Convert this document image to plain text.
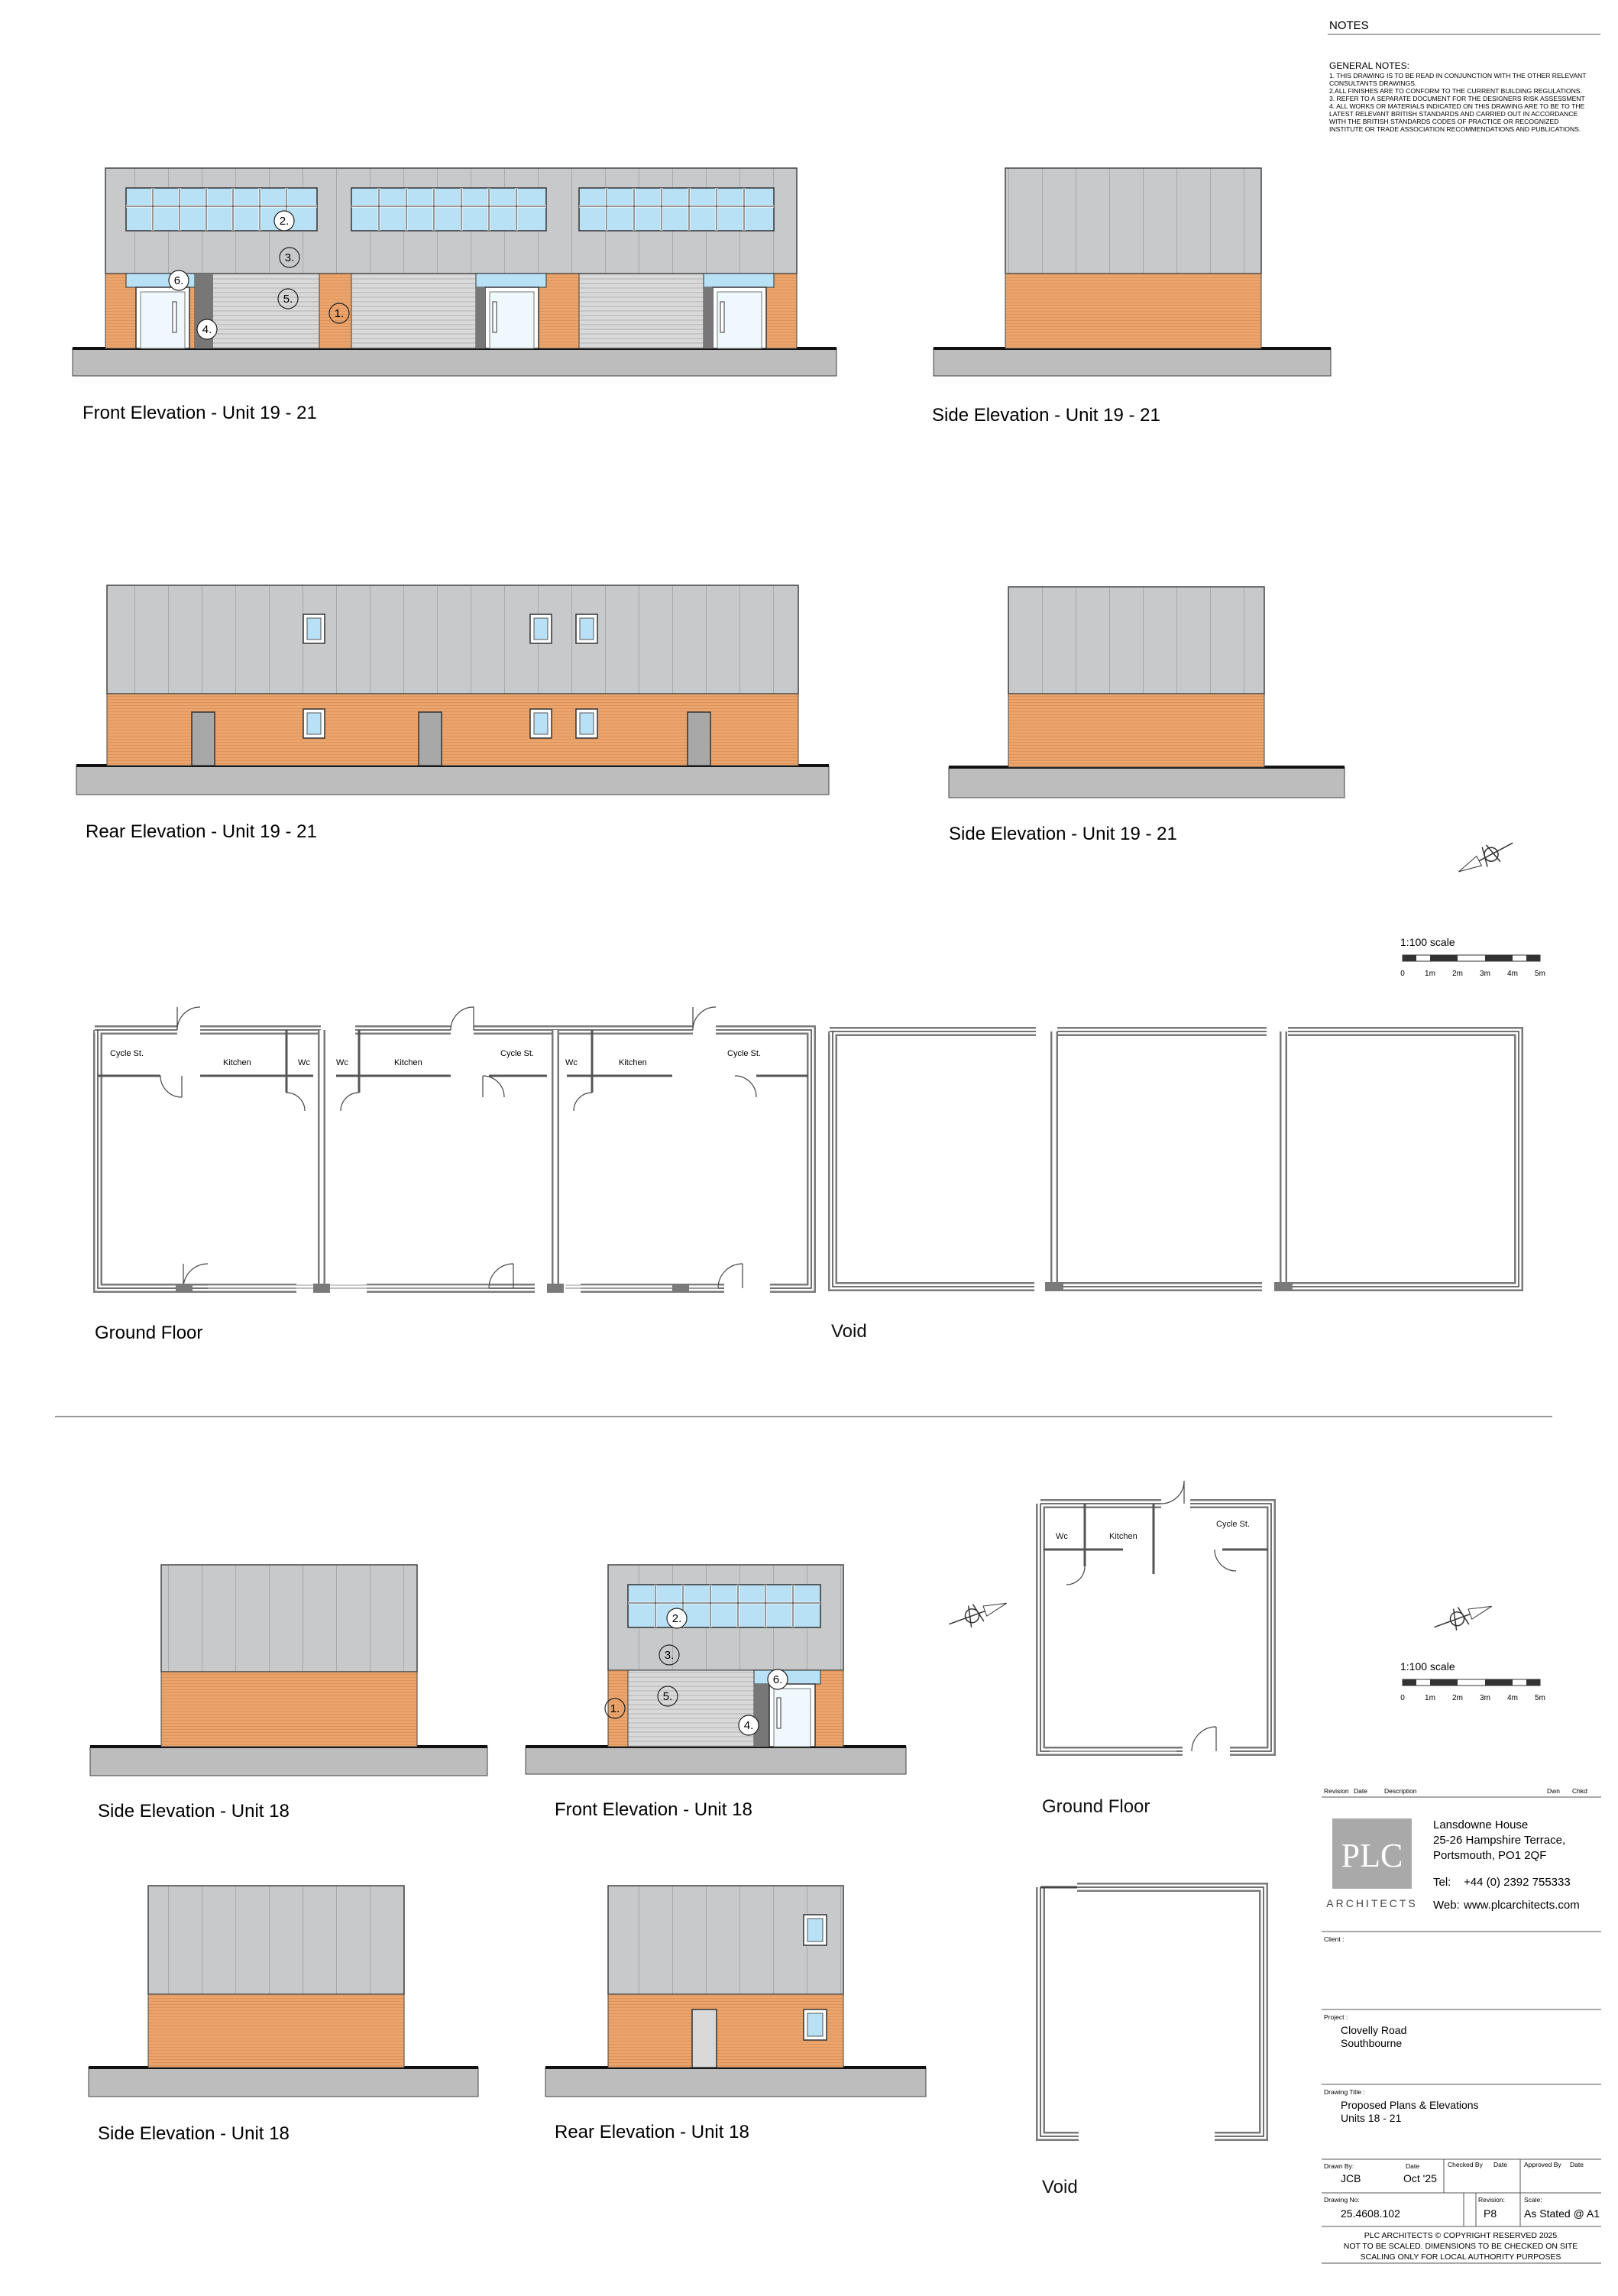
NOTES
GENERAL NOTES:
1. THIS DRAWING IS TO BE READ IN CONJUNCTION WITH THE OTHER RELEVANT
CONSULTANTS DRAWINGS.
2.ALL FINISHES ARE TO CONFORM TO THE CURRENT BUILDING REGULATIONS.
3. REFER TO A SEPARATE DOCUMENT FOR THE DESIGNERS RISK ASSESSMENT
4. ALL WORKS OR MATERIALS INDICATED ON THIS DRAWING ARE TO BE TO THE
LATEST RELEVANT BRITISH STANDARDS AND CARRIED OUT IN ACCORDANCE
WITH THE BRITISH STANDARDS CODES OF PRACTICE OR RECOGNIZED
INSTITUTE OR TRADE ASSOCIATION RECOMMENDATIONS AND PUBLICATIONS.
2.
3.
6.
5.
1.
4.
Front Elevation - Unit 19 - 21	Side Elevation - Unit 19 - 21
Rear Elevation - Unit 19 - 21	Side Elevation - Unit 19 - 21
1:100 scale
0	1m 2m 3m 4m 5m
Cycle St.
Kitchen	Wc	Wc	Kitchen
Cycle St.
Wc	Kitchen
Cycle St.
Ground Floor	Void
Side Elevation - Unit 18
2.
3.
6.
5.
1.
4.
Front Elevation - Unit 18
Wc	Kitchen
Cycle St.
Ground Floor
1:100 scale
0	1m 2m 3m 4m 5m
Side Elevation - Unit 18	Rear Elevation - Unit 18
Void
Revision Date	Description	Dwn Chkd
PLC
ARCHITECTS
Lansdowne House
25-26 Hampshire Terrace,
Portsmouth, PO1 2QF
Tel: +44 (0) 2392 755333
Web: www.plcarchitects.com
Client :
Project :
Clovelly Road
Southbourne
Drawing Title :
Proposed Plans & Elevations
Units 18 - 21
Drawn By:
JCB
Date
Oct '25
Checked By Date	Approved By Date
Drawing No:
25.4608.102
Revision:
P8
Scale:
As Stated @ A1
PLC ARCHITECTS © COPYRIGHT RESERVED 2025
NOT TO BE SCALED. DIMENSIONS TO BE CHECKED ON SITE
SCALING ONLY FOR LOCAL AUTHORITY PURPOSES
